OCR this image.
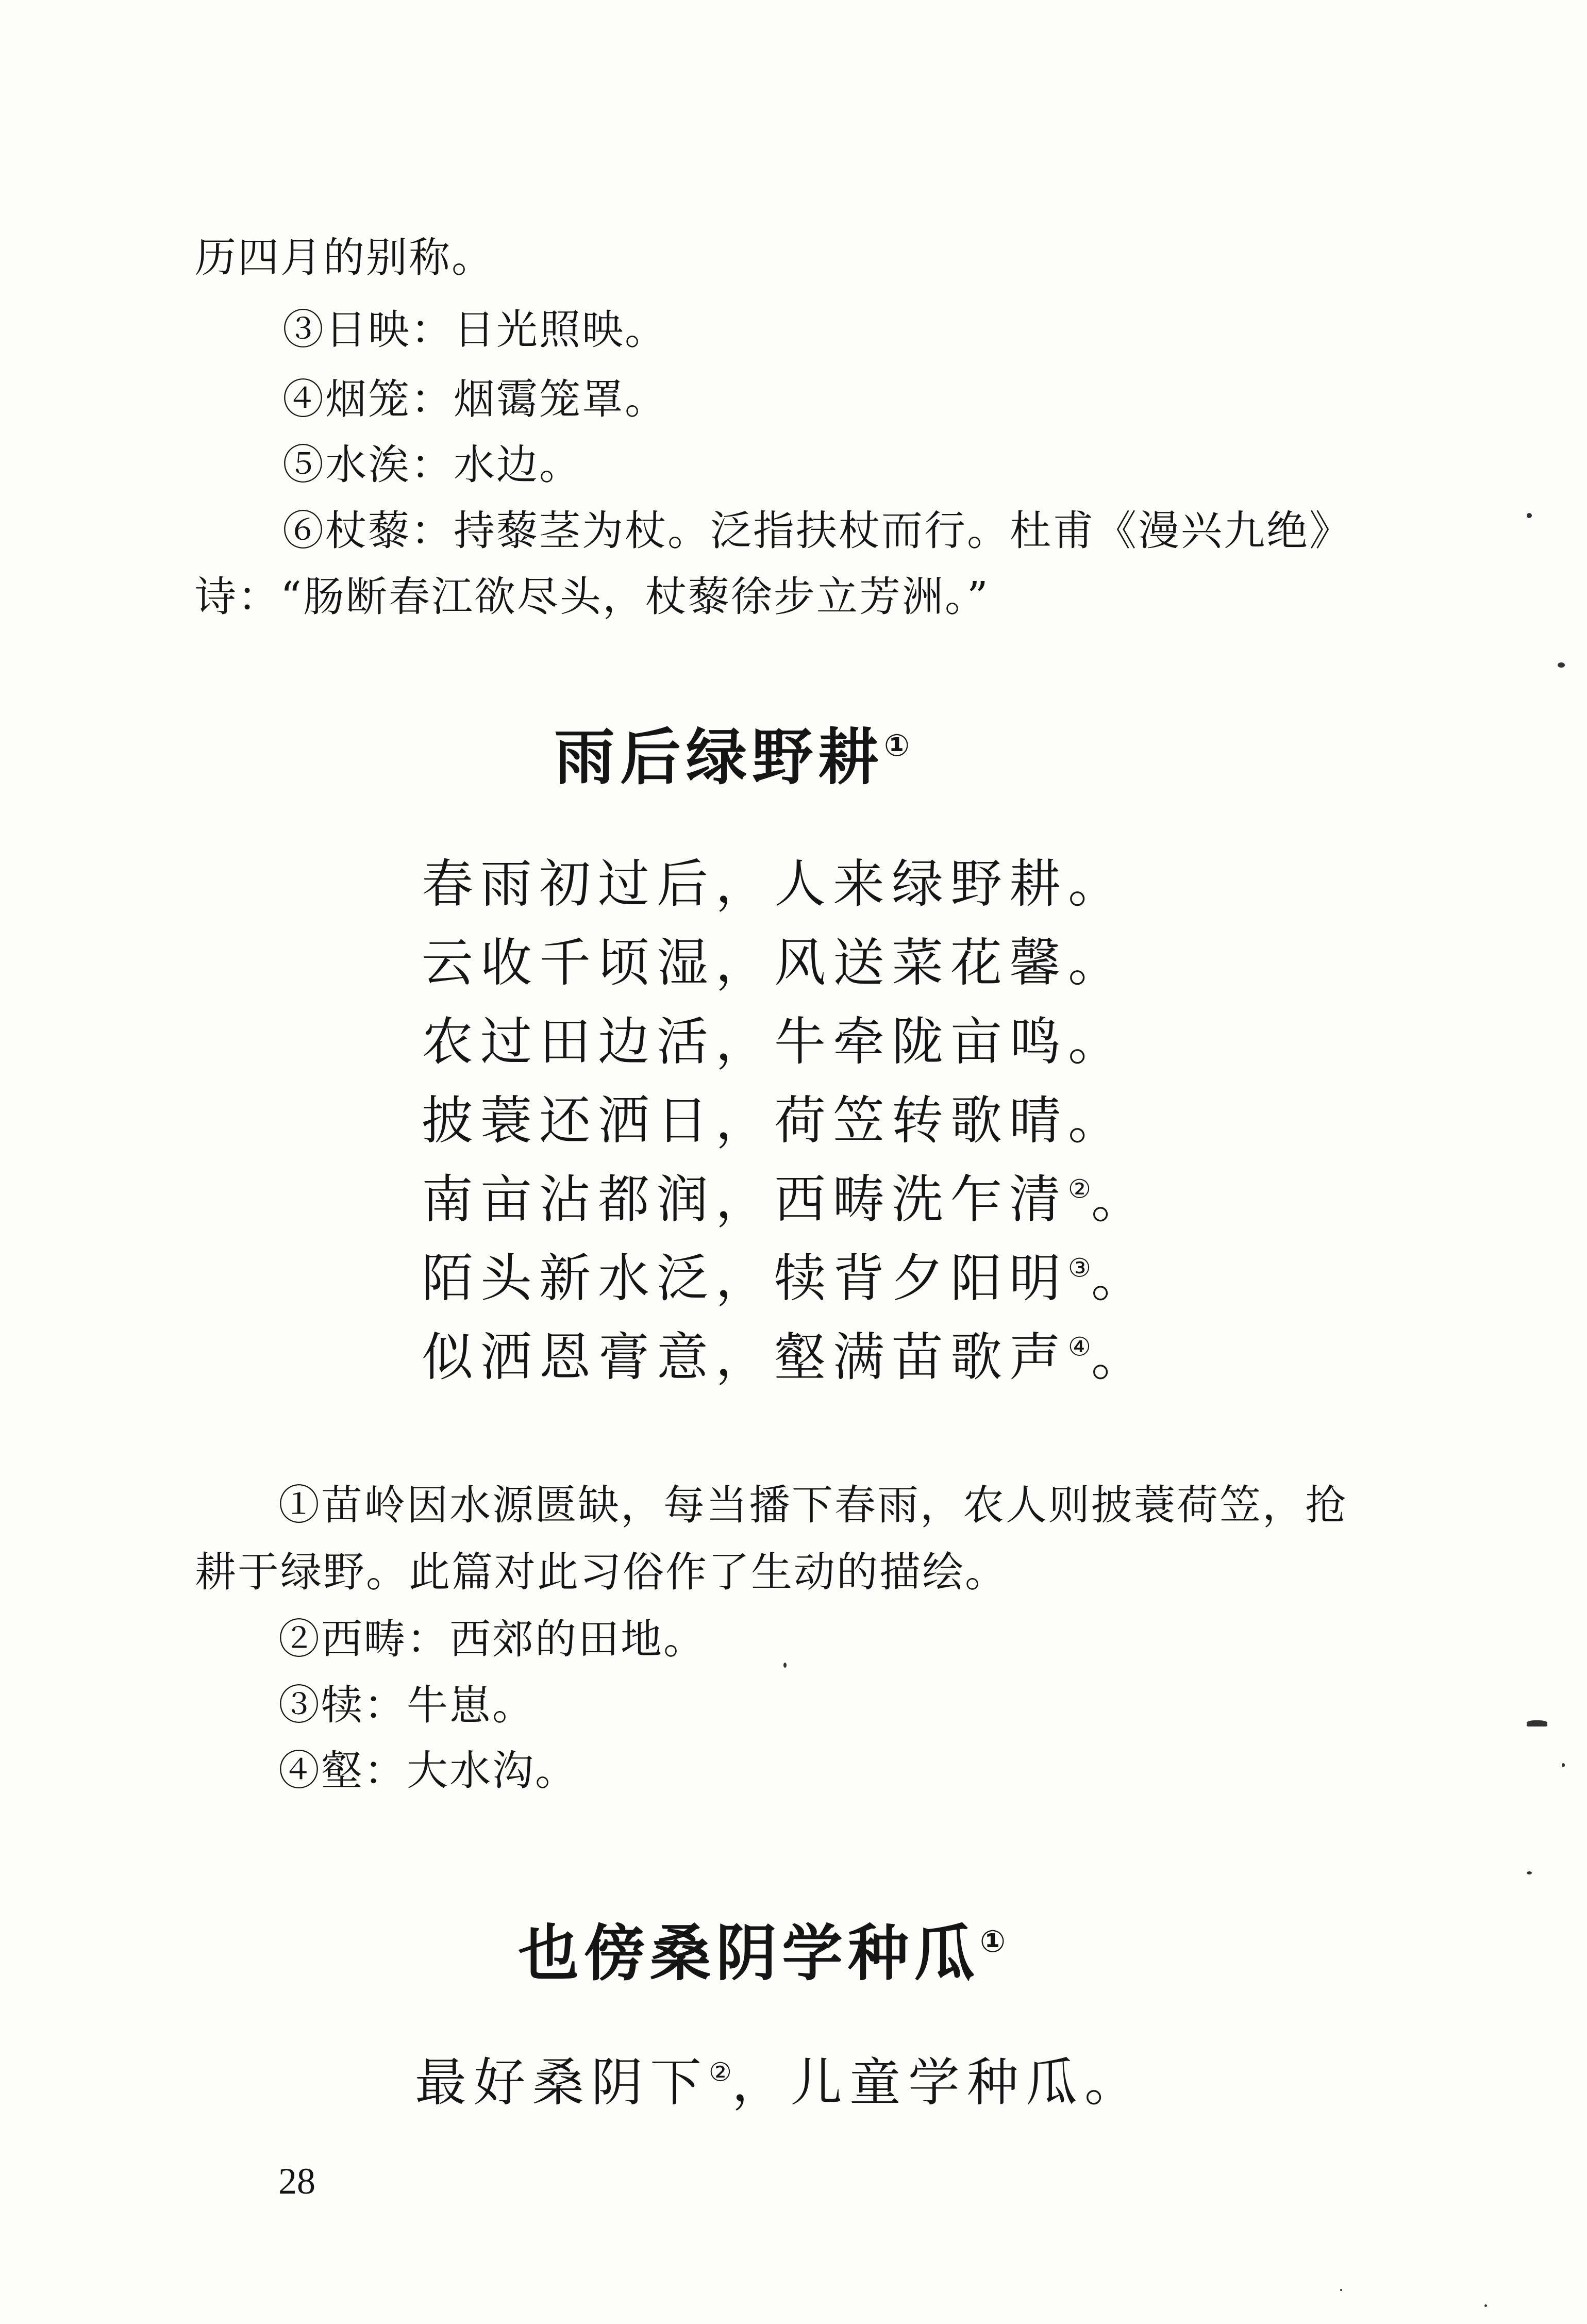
历四月的别称。
③日映：日光照映。
④烟笼：烟霭笼罩。
⑤水涘：水边。
⑥杖藜：持藜茎为杖。泛指扶杖而行。杜甫《漫兴九绝》
诗：“肠断春江欲尽头，杖藜徐步立芳洲。”
雨后绿野耕①
春雨初过后，人来绿野耕。
云收千顷湿，风送菜花馨。
农过田边活，牛牵陇亩鸣。
披蓑还洒日，荷笠转歌晴。
南亩沾都润，西畴洗乍清②。
陌头新水泛，犊背夕阳明③。
似洒恩膏意，壑满苗歌声④。
①苗岭因水源匮缺，每当播下春雨，农人则披蓑荷笠，抢
耕于绿野。此篇对此习俗作了生动的描绘。
②西畴：西郊的田地。
③犊：牛崽。
④壑：大水沟。
也傍桑阴学种瓜①
最好桑阴下②，儿童学种瓜。
28
